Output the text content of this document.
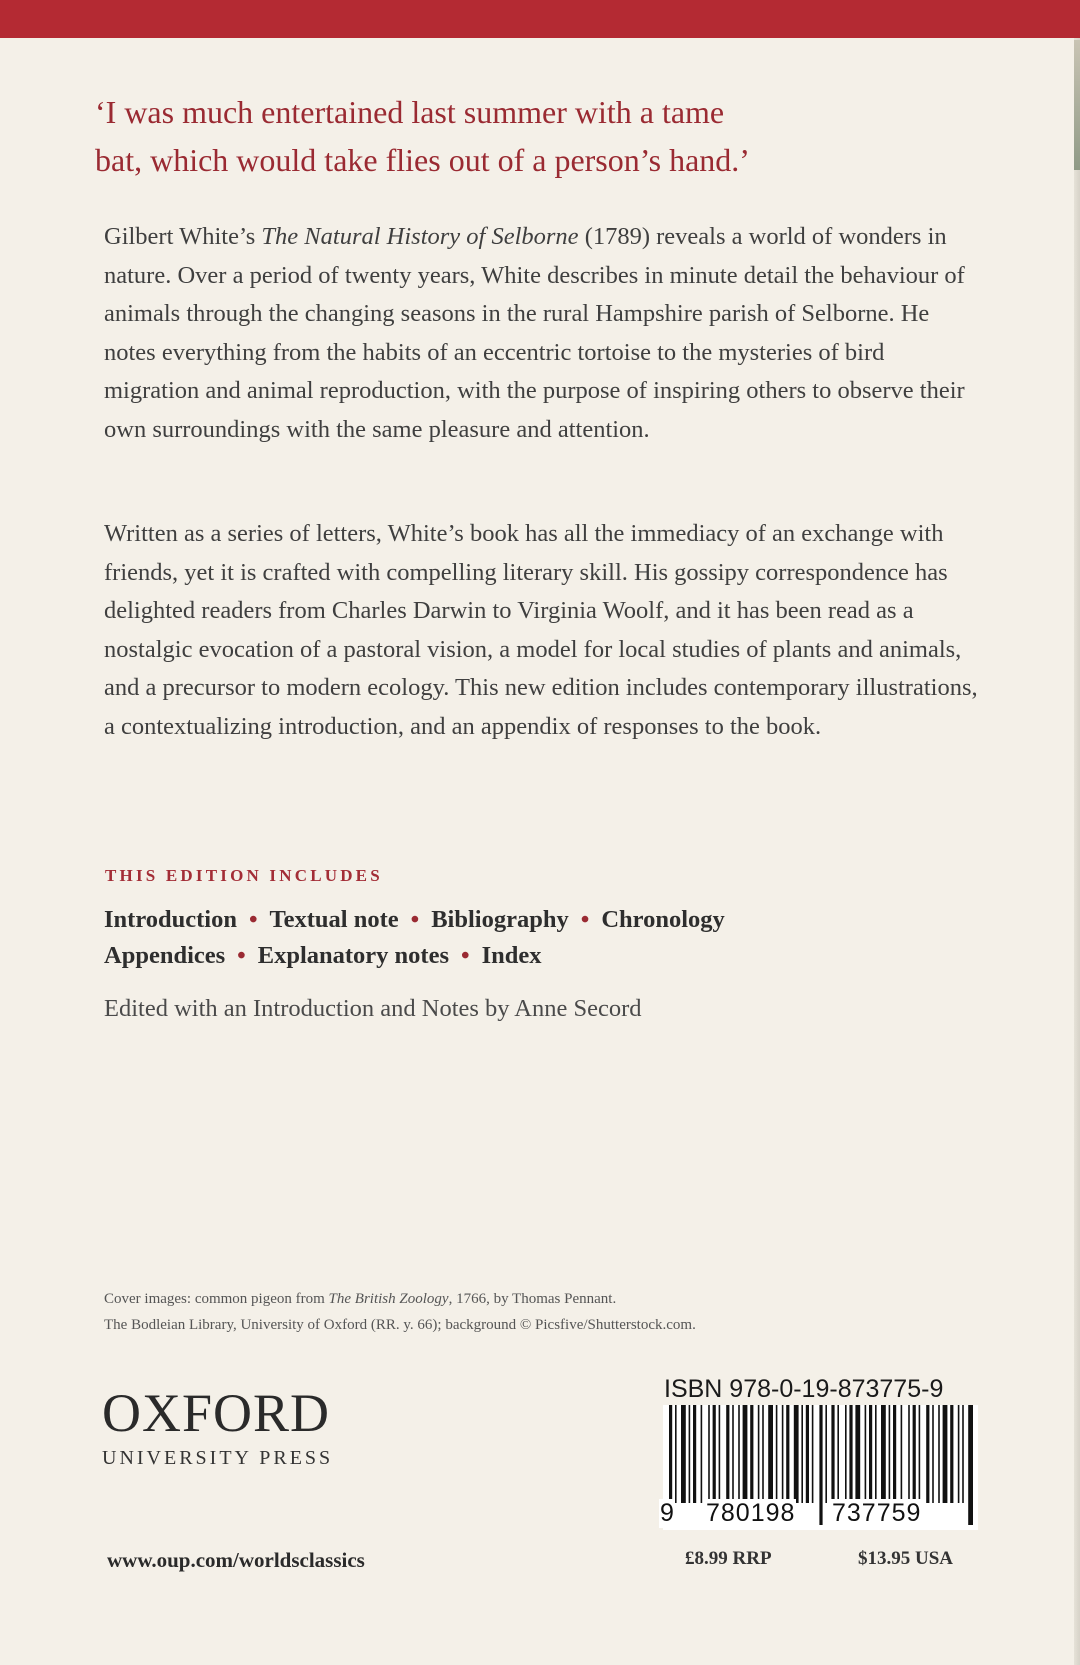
‘I was much entertained last summer with a tame
bat, which would take flies out of a person’s hand.’
Gilbert White’s The Natural History of Selborne (1789) reveals a world of wonders in nature. Over a period of twenty years, White describes in minute detail the behaviour of animals through the changing seasons in the rural Hampshire parish of Selborne. He notes everything from the habits of an eccentric tortoise to the mysteries of bird migration and animal reproduction, with the purpose of inspiring others to observe their own surroundings with the same pleasure and attention.
Written as a series of letters, White’s book has all the immediacy of an exchange with friends, yet it is crafted with compelling literary skill. His gossipy correspondence has delighted readers from Charles Darwin to Virginia Woolf, and it has been read as a nostalgic evocation of a pastoral vision, a model for local studies of plants and animals, and a precursor to modern ecology. This new edition includes contemporary illustrations, a contextualizing introduction, and an appendix of responses to the book.
THIS EDITION INCLUDES
Introduction • Textual note • Bibliography • Chronology
Appendices • Explanatory notes • Index
Edited with an Introduction and Notes by Anne Secord
Cover images: common pigeon from The British Zoology, 1766, by Thomas Pennant.
The Bodleian Library, University of Oxford (RR. y. 66); background © Picsfive/Shutterstock.com.
OXFORD
UNIVERSITY PRESS
www.oup.com/worldsclassics
ISBN 978-0-19-873775-9
9 780198 737759
£8.99 RRP	$13.95 USA
